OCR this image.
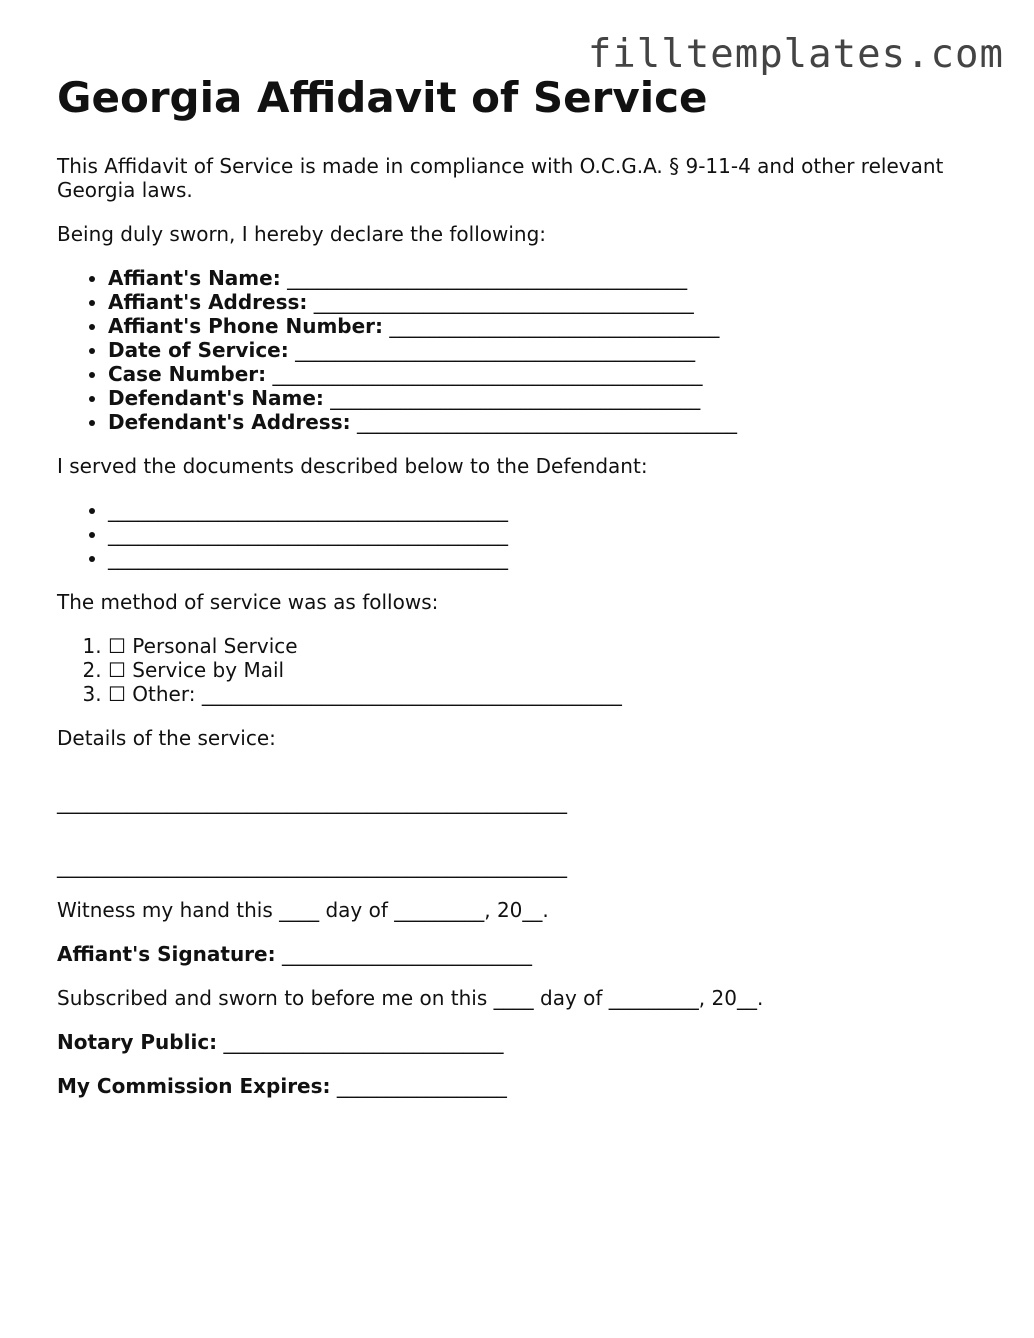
filltemplates.com
Georgia Affidavit of Service

This Affidavit of Service is made in compliance with O.C.G.A. § 9-11-4 and other relevant Georgia laws.

Being duly sworn, I hereby declare the following:

• Affiant's Name: ________________________________________
• Affiant's Address: ______________________________________
• Affiant's Phone Number: _________________________________
• Date of Service: ________________________________________
• Case Number: ___________________________________________
• Defendant's Name: _____________________________________
• Defendant's Address: ______________________________________

I served the documents described below to the Defendant:

• ________________________________________
• ________________________________________
• ________________________________________

The method of service was as follows:

1. ☐ Personal Service
2. ☐ Service by Mail
3. ☐ Other: __________________________________________

Details of the service:

___________________________________________________
___________________________________________________

Witness my hand this ____ day of _________, 20__.

Affiant's Signature: _________________________

Subscribed and sworn to before me on this ____ day of _________, 20__.

Notary Public: ____________________________

My Commission Expires: _________________
